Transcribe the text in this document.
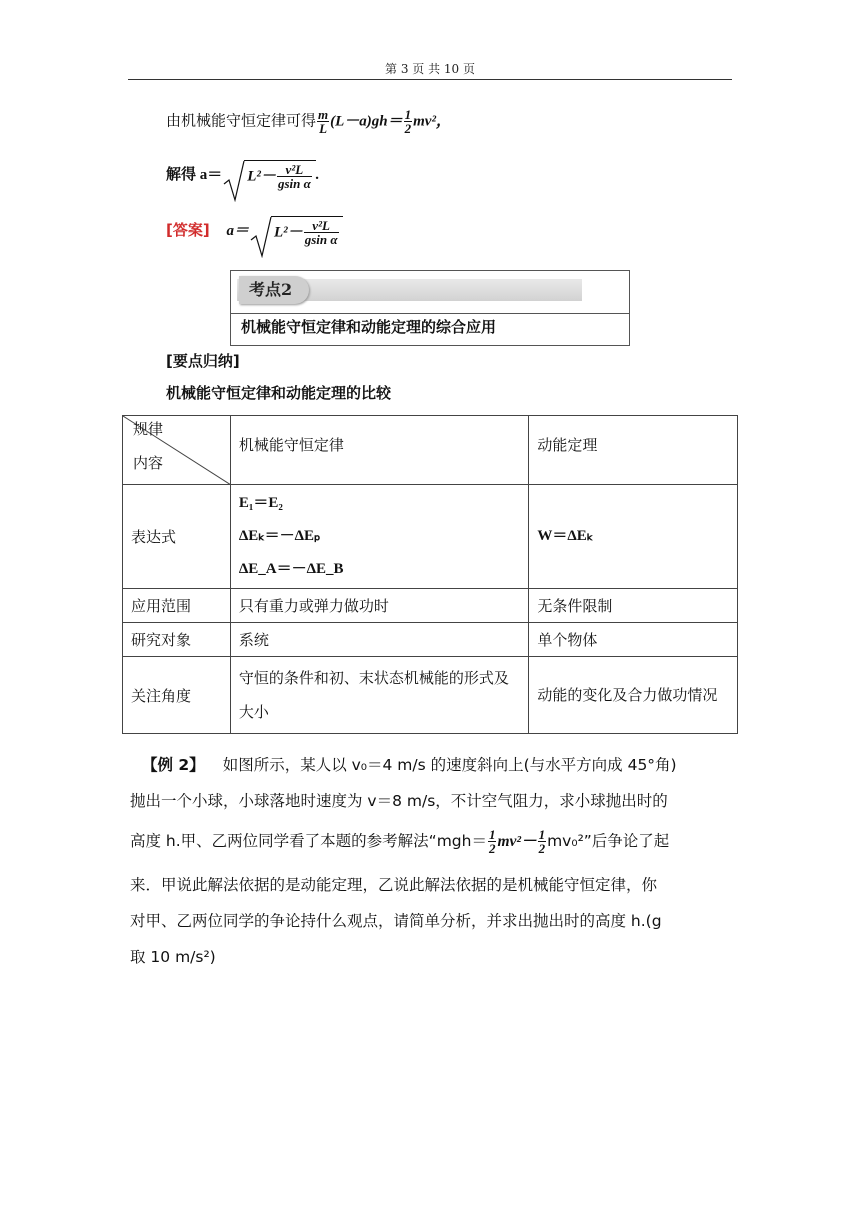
第 3 页 共 10 页
由机械能守恒定律可得 $\frac{m}{L} (L-a)gh= \frac{1}{2} mv^2$，
解得 $a= L^2- \frac{\text{v²L}}{\text{gsin α}}$ .
[答案] $a= L^2- \frac{\text{v²L}}{\text{gsin α}}$
考点2
机械能守恒定律和动能定理的综合应用
[要点归纳]
机械能守恒定律和动能定理的比较
规律
内容	机械能守恒定律	动能定理
表达式	E₁＝E₂
ΔEₖ＝－ΔEₚ
ΔE_A＝－ΔE_B	W＝ΔEₖ
应用范围	只有重力或弹力做功时	无条件限制
研究对象	系统	单个物体
关注角度	守恒的条件和初、末状态机械能的形式及大小	动能的变化及合力做功情况
【例 2】 如图所示，某人以 v₀＝4 m/s 的速度斜向上(与水平方向成 45°角)
抛出一个小球，小球落地时速度为 v＝8 m/s，不计空气阻力，求小球抛出时的
高度 h.甲、乙两位同学看了本题的参考解法“$mgh= \frac{1}{2} mv^2- \frac{1}{2} mv_0^2$”后争论了起
来．甲说此解法依据的是动能定理，乙说此解法依据的是机械能守恒定律，你
对甲、乙两位同学的争论持什么观点，请简单分析，并求出抛出时的高度 h.(g
取 10 m/s²)
